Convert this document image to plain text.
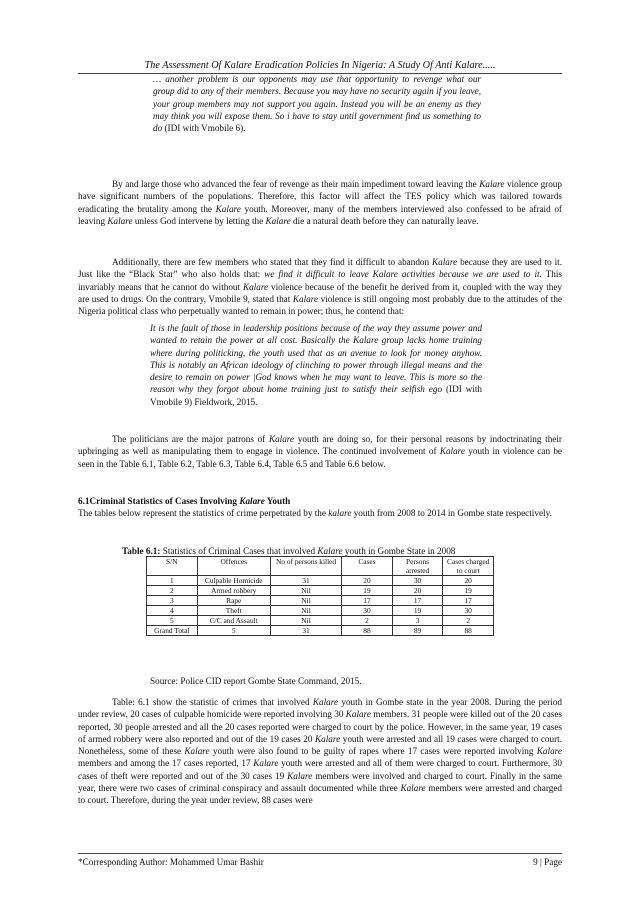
The Assessment Of Kalare Eradication Policies In Nigeria: A Study Of Anti Kalare.....
… another problem is our opponents may use that opportunity to revenge what our group did to any of their members. Because you may have no security again if you leave, your group members may not support you again. Instead you will be an enemy as they may think you will expose them. So i have to stay until government find us something to do (IDI with Vmobile 6).
By and large those who advanced the fear of revenge as their main impediment toward leaving the Kalare violence group have significant numbers of the populations. Therefore, this factor will affect the TES policy which was tailored towards eradicating the brutality among the Kalare youth. Moreover, many of the members interviewed also confessed to be afraid of leaving Kalare unless God intervene by letting the Kalare die a natural death before they can naturally leave.
Additionally, there are few members who stated that they find it difficult to abandon Kalare because they are used to it. Just like the “Black Star” who also holds that: we find it difficult to leave Kalare activities because we are used to it. This invariably means that he cannot do without Kalare violence because of the benefit he derived from it, coupled with the way they are used to drugs. On the contrary, Vmobile 9, stated that Kalare violence is still ongoing most probably due to the attitudes of the Nigeria political class who perpetually wanted to remain in power; thus, he contend that:
It is the fault of those in leadership positions because of the way they assume power and wanted to retain the power at all cost. Basically the Kalare group lacks home training where during politicking, the youth used that as an avenue to look for money anyhow. This is notably an African ideology of clinching to power through illegal means and the desire to remain on power |God knows when he may want to leave. This is more so the reason why they forgot about home training just to satisfy their selfish ego (IDI with Vmobile 9) Fieldwork, 2015.
The politicians are the major patrons of Kalare youth are doing so, for their personal reasons by indoctrinating their upbringing as well as manipulating them to engage in violence. The continued involvement of Kalare youth in violence can be seen in the Table 6.1, Table 6.2, Table 6.3, Table 6.4, Table 6.5 and Table 6.6 below.
6.1Criminal Statistics of Cases Involving Kalare Youth
The tables below represent the statistics of crime perpetrated by the kalare youth from 2008 to 2014 in Gombe state respectively.
Table 6.1: Statistics of Criminal Cases that involved Kalare youth in Gombe State in 2008
S/N	Offences	No of persons killed	Cases	Persons arrested	Cases charged to court
1	Culpable Homicide	31	20	30	20
2	Armed robbery	Nil	19	20	19
3	Rape	Nil	17	17	17
4	Theft	Nil	30	19	30
5	C/C and Assault	Nil	2	3	2
Grand Total	5	31	88	89	88
Source: Police CID report Gombe State Command, 2015.
Table: 6.1 show the statistic of crimes that involved Kalare youth in Gombe state in the year 2008. During the period under review, 20 cases of culpable homicide were reported involving 30 Kalare members. 31 people were killed out of the 20 cases reported, 30 people arrested and all the 20 cases reported were charged to court by the police. However, in the same year, 19 cases of armed robbery were also reported and out of the 19 cases 20 Kalare youth were arrested and all 19 cases were charged to court. Nonetheless, some of these Kalare youth were also found to be guilty of rapes where 17 cases were reported involving Kalare members and among the 17 cases reported, 17 Kalare youth were arrested and all of them were charged to court. Furthermore, 30 cases of theft were reported and out of the 30 cases 19 Kalare members were involved and charged to court. Finally in the same year, there were two cases of criminal conspiracy and assault documented while three Kalare members were arrested and charged to court. Therefore, during the year under review, 88 cases were
*Corresponding Author: Mohammed Umar Bashir	9 | Page
